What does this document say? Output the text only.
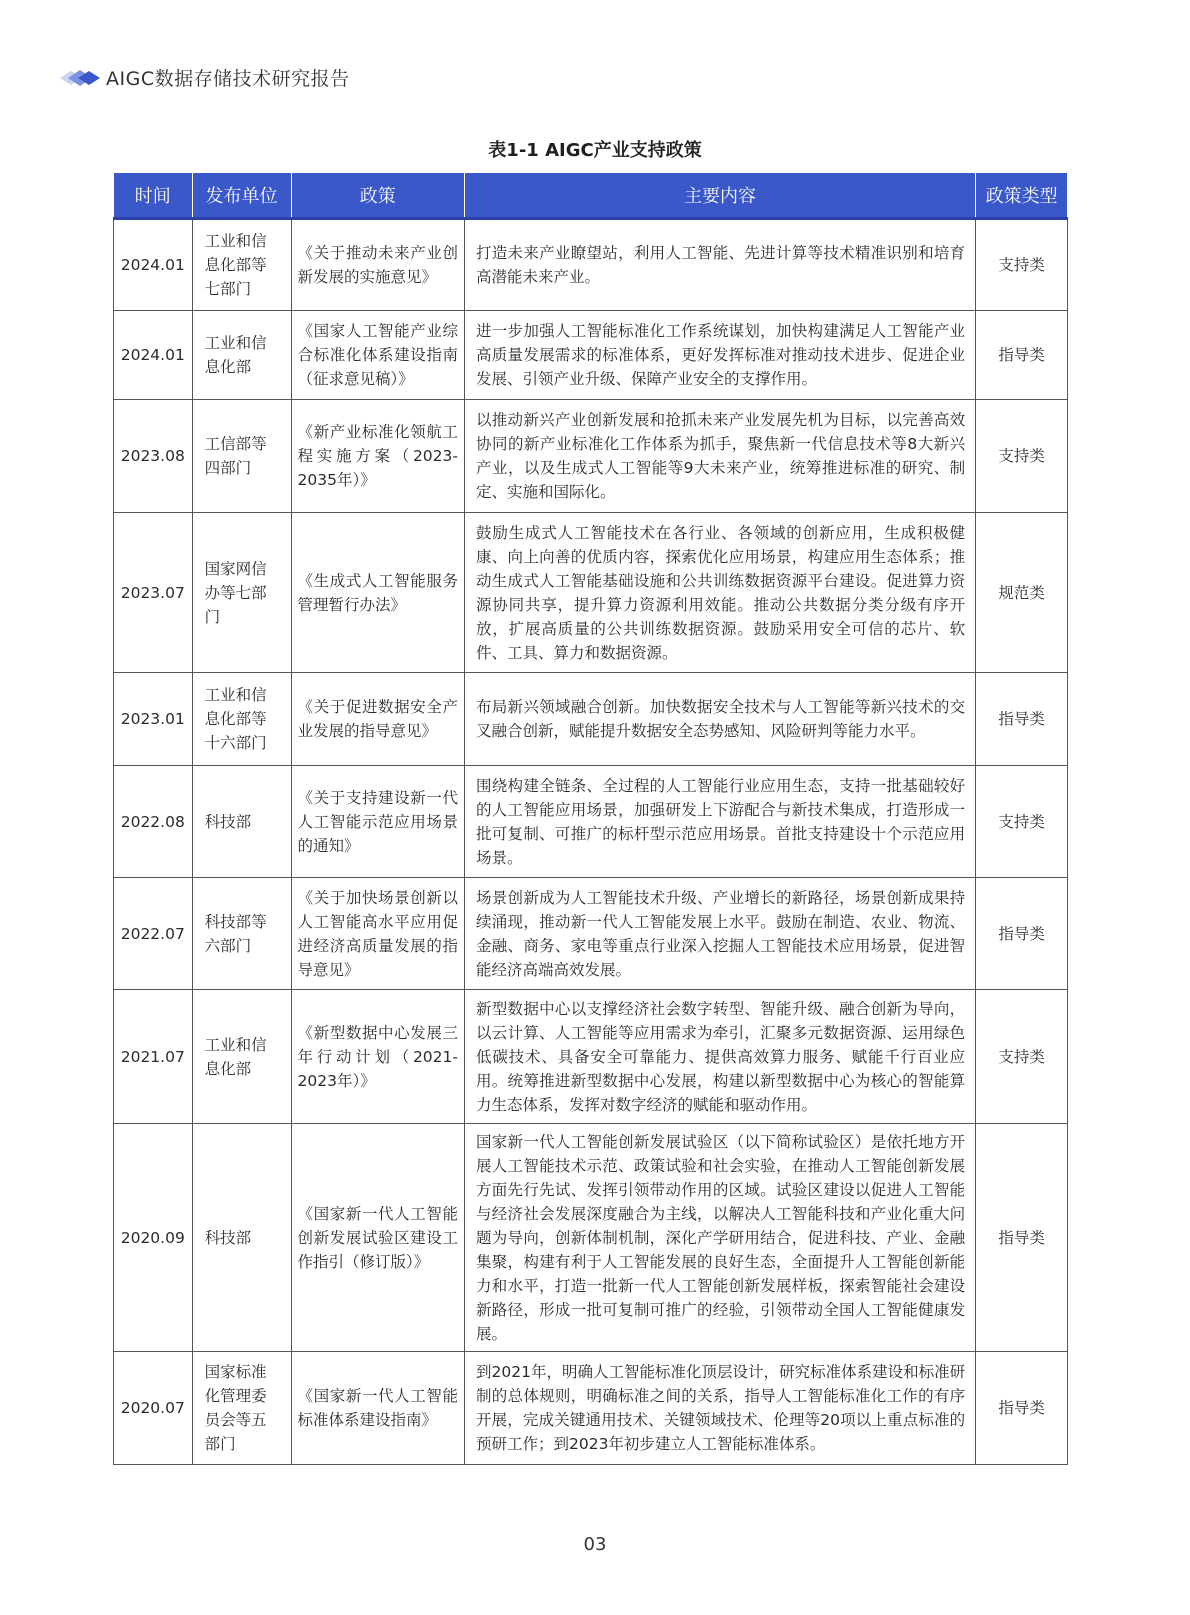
AIGC数据存储技术研究报告
表1-1 AIGC产业支持政策
时间	发布单位	政策	主要内容	政策类型
2024.01	工业和信息化部等七部门	《关于推动未来产业创新发展的实施意见》	打造未来产业瞭望站，利用人工智能、先进计算等技术精准识别和培育高潜能未来产业。	支持类
2024.01	工业和信息化部	《国家人工智能产业综合标准化体系建设指南（征求意见稿）》	进一步加强人工智能标准化工作系统谋划，加快构建满足人工智能产业高质量发展需求的标准体系，更好发挥标准对推动技术进步、促进企业发展、引领产业升级、保障产业安全的支撑作用。	指导类
2023.08	工信部等四部门	《新产业标准化领航工程实施方案（2023-2035年）》	以推动新兴产业创新发展和抢抓未来产业发展先机为目标，以完善高效协同的新产业标准化工作体系为抓手，聚焦新一代信息技术等8大新兴产业，以及生成式人工智能等9大未来产业，统筹推进标准的研究、制定、实施和国际化。	支持类
2023.07	国家网信办等七部门	《生成式人工智能服务管理暂行办法》	鼓励生成式人工智能技术在各行业、各领域的创新应用，生成积极健康、向上向善的优质内容，探索优化应用场景，构建应用生态体系；推动生成式人工智能基础设施和公共训练数据资源平台建设。促进算力资源协同共享，提升算力资源利用效能。推动公共数据分类分级有序开放，扩展高质量的公共训练数据资源。鼓励采用安全可信的芯片、软件、工具、算力和数据资源。	规范类
2023.01	工业和信息化部等十六部门	《关于促进数据安全产业发展的指导意见》	布局新兴领域融合创新。加快数据安全技术与人工智能等新兴技术的交叉融合创新，赋能提升数据安全态势感知、风险研判等能力水平。	指导类
2022.08	科技部	《关于支持建设新一代人工智能示范应用场景的通知》	围绕构建全链条、全过程的人工智能行业应用生态，支持一批基础较好的人工智能应用场景，加强研发上下游配合与新技术集成，打造形成一批可复制、可推广的标杆型示范应用场景。首批支持建设十个示范应用场景。	支持类
2022.07	科技部等六部门	《关于加快场景创新以人工智能高水平应用促进经济高质量发展的指导意见》	场景创新成为人工智能技术升级、产业增长的新路径，场景创新成果持续涌现，推动新一代人工智能发展上水平。鼓励在制造、农业、物流、金融、商务、家电等重点行业深入挖掘人工智能技术应用场景，促进智能经济高端高效发展。	指导类
2021.07	工业和信息化部	《新型数据中心发展三年行动计划（2021-2023年）》	新型数据中心以支撑经济社会数字转型、智能升级、融合创新为导向，以云计算、人工智能等应用需求为牵引，汇聚多元数据资源、运用绿色低碳技术、具备安全可靠能力、提供高效算力服务、赋能千行百业应用。统筹推进新型数据中心发展，构建以新型数据中心为核心的智能算力生态体系，发挥对数字经济的赋能和驱动作用。	支持类
2020.09	科技部	《国家新一代人工智能创新发展试验区建设工作指引（修订版）》	国家新一代人工智能创新发展试验区（以下简称试验区）是依托地方开展人工智能技术示范、政策试验和社会实验，在推动人工智能创新发展方面先行先试、发挥引领带动作用的区域。试验区建设以促进人工智能与经济社会发展深度融合为主线，以解决人工智能科技和产业化重大问题为导向，创新体制机制，深化产学研用结合，促进科技、产业、金融集聚，构建有利于人工智能发展的良好生态，全面提升人工智能创新能力和水平，打造一批新一代人工智能创新发展样板，探索智能社会建设新路径，形成一批可复制可推广的经验，引领带动全国人工智能健康发展。	指导类
2020.07	国家标准化管理委员会等五部门	《国家新一代人工智能标准体系建设指南》	到2021年，明确人工智能标准化顶层设计，研究标准体系建设和标准研制的总体规则，明确标准之间的关系，指导人工智能标准化工作的有序开展，完成关键通用技术、关键领域技术、伦理等20项以上重点标准的预研工作；到2023年初步建立人工智能标准体系。	指导类
03
